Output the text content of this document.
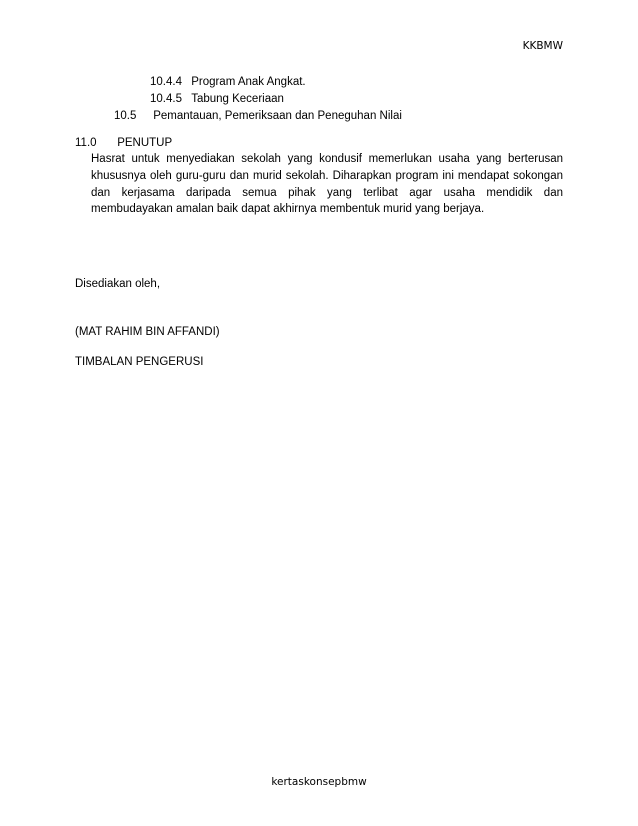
KKBMW
10.4.4 Program Anak Angkat.
10.4.5 Tabung Keceriaan
10.5 Pemantauan, Pemeriksaan dan Peneguhan Nilai
11.0 PENUTUP
Hasrat untuk menyediakan sekolah yang kondusif memerlukan usaha yang berterusan khususnya oleh guru-guru dan murid sekolah. Diharapkan program ini mendapat sokongan dan kerjasama daripada semua pihak yang terlibat agar usaha mendidik dan membudayakan amalan baik dapat akhirnya membentuk murid yang berjaya.
Disediakan oleh,
(MAT RAHIM BIN AFFANDI)
TIMBALAN PENGERUSI
kertaskonsepbmw
